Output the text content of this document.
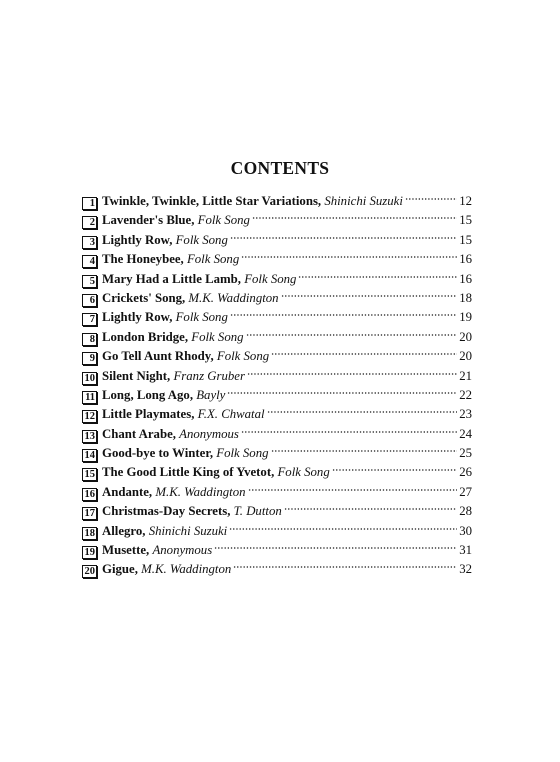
CONTENTS
1 Twinkle, Twinkle, Little Star Variations,
Shinichi Suzuki	12
2 Lavender's Blue,
Folk Song	15
3 Lightly Row,
Folk Song	15
4 The Honeybee,
Folk Song	16
5 Mary Had a Little Lamb,
Folk Song	16
6 Crickets' Song,
M.K. Waddington	18
7 Lightly Row,
Folk Song	19
8 London Bridge,
Folk Song	20
9 Go Tell Aunt Rhody,
Folk Song	20
10 Silent Night,
Franz Gruber	21
11 Long, Long Ago,
Bayly	22
12 Little Playmates,
F.X. Chwatal	23
13 Chant Arabe,
Anonymous	24
14 Good-bye to Winter,
Folk Song	25
15 The Good Little King of Yvetot,
Folk Song	26
16 Andante,
M.K. Waddington	27
17 Christmas-Day Secrets,
T. Dutton	28
18 Allegro,
Shinichi Suzuki	30
19 Musette,
Anonymous	31
20 Gigue,
M.K. Waddington	32
